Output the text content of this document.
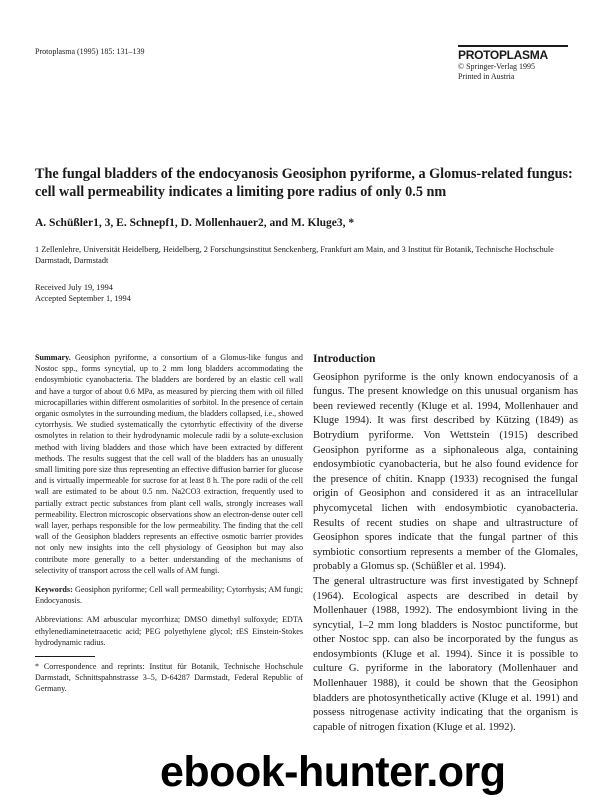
Protoplasma (1995) 185: 131–139	PROTOPLASMA
© Springer-Verlag 1995
Printed in Austria
The fungal bladders of the endocyanosis Geosiphon pyriforme, a Glomus-related fungus: cell wall permeability indicates a limiting pore radius of only 0.5 nm
A. Schüßler1, 3, E. Schnepf1, D. Mollenhauer2, and M. Kluge3, *
1 Zellenlehre, Universität Heidelberg, Heidelberg, 2 Forschungsinstitut Senckenberg, Frankfurt am Main, and 3 Institut für Botanik, Technische Hochschule Darmstadt, Darmstadt
Received July 19, 1994
Accepted September 1, 1994

Summary. Geosiphon pyriforme, a consortium of a Glomus-like fungus and Nostoc spp., forms syncytial, up to 2 mm long bladders accommodating the endosymbiotic cyanobacteria. The bladders are bordered by an elastic cell wall and have a turgor of about 0.6 MPa, as measured by piercing them with oil filled microcapillaries within different osmolarities of sorbitol. In the presence of certain organic osmolytes in the surrounding medium, the bladders collapsed, i.e., showed cytorrhysis. We studied systematically the cytorrhytic effectivity of the diverse osmolytes in relation to their hydrodynamic molecule radii by a solute-exclusion method with living bladders and those which have been extracted by different methods. The results suggest that the cell wall of the bladders has an unusually small limiting pore size thus representing an effective diffusion barrier for glucose and is virtually impermeable for sucrose for at least 8 h. The pore radii of the cell wall are estimated to be about 0.5 nm. Na2CO3 extraction, frequently used to partially extract pectic substances from plant cell walls, strongly increases wall permeability. Electron microscopic observations show an electron-dense outer cell wall layer, perhaps responsible for the low permeability. The finding that the cell wall of the Geosiphon bladders represents an effective osmotic barrier provides not only new insights into the cell physiology of Geosiphon but may also contribute more generally to a better understanding of the mechanisms of selectivity of transport across the cell walls of AM fungi.

Keywords: Geosiphon pyriforme; Cell wall permeability; Cytorrhysis; AM fungi; Endocyanosis.

Abbreviations: AM arbuscular mycorrhiza; DMSO dimethyl sulfoxyde; EDTA ethylenediaminetetraacetic acid; PEG polyethylene glycol; rES Einstein-Stokes hydrodynamic radius.

* Correspondence and reprints: Institut für Botanik, Technische Hochschule Darmstadt, Schnittspahnstrasse 3–5, D-64287 Darmstadt, Federal Republic of Germany.
Introduction

Geosiphon pyriforme is the only known endocyanosis of a fungus. The present knowledge on this unusual organism has been reviewed recently (Kluge et al. 1994, Mollenhauer and Kluge 1994). It was first described by Kützing (1849) as Botrydium pyriforme. Von Wettstein (1915) described Geosiphon pyriforme as a siphonaleous alga, containing endosymbiotic cyanobacteria, but he also found evidence for the presence of chitin. Knapp (1933) recognised the fungal origin of Geosiphon and considered it as an intracellular phycomycetal lichen with endosymbiotic cyanobacteria. Results of recent studies on shape and ultrastructure of Geosiphon spores indicate that the fungal partner of this symbiotic consortium represents a member of the Glomales, probably a Glomus sp. (Schüßler et al. 1994).

The general ultrastructure was first investigated by Schnepf (1964). Ecological aspects are described in detail by Mollenhauer (1988, 1992). The endosymbiont living in the syncytial, 1–2 mm long bladders is Nostoc punctiforme, but other Nostoc spp. can also be incorporated by the fungus as endosymbionts (Kluge et al. 1994). Since it is possible to culture G. pyriforme in the laboratory (Mollenhauer and Mollenhauer 1988), it could be shown that the Geosiphon bladders are photosynthetically active (Kluge et al. 1991) and possess nitrogenase activity indicating that the organism is capable of nitrogen fixation (Kluge et al. 1992).

ebook-hunter.org
